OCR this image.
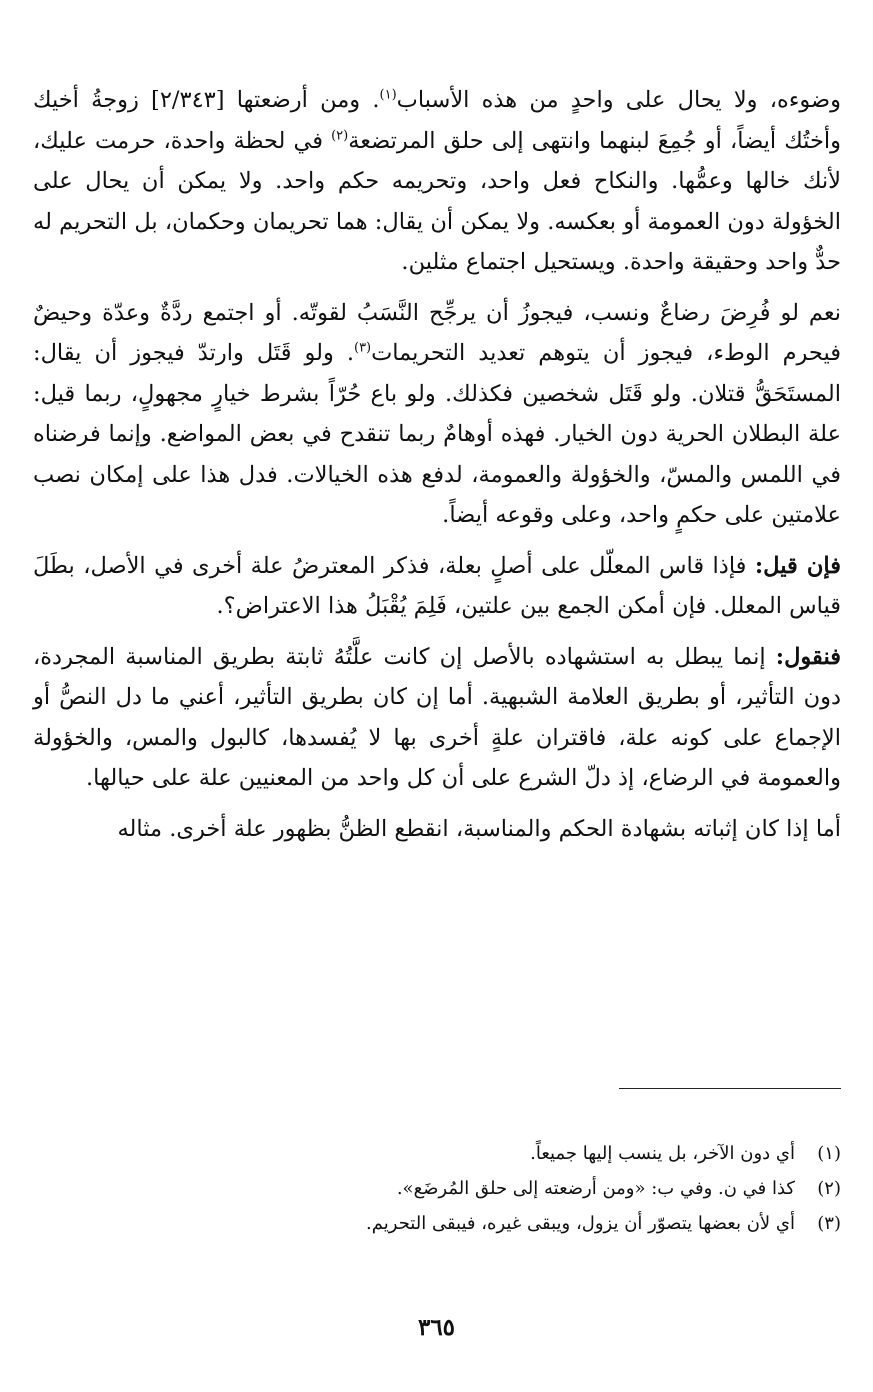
وضوءه، ولا يحال على واحدٍ من هذه الأسباب$^{(١)}$. ومن أرضعتها [٢/٣٤٣] زوجةُ أخيك وأختُك أيضاً، أو جُمِعَ لبنهما وانتهى إلى حلق المرتضعة$^{(٢)}$ في لحظة واحدة، حرمت عليك، لأنك خالها وعمُّها. والنكاح فعل واحد، وتحريمه حكم واحد. ولا يمكن أن يحال على الخؤولة دون العمومة أو بعكسه. ولا يمكن أن يقال: هما تحريمان وحكمان، بل التحريم له حدٌّ واحد وحقيقة واحدة. ويستحيل اجتماع مثلين.

نعم لو فُرِضَ رضاعٌ ونسب، فيجوزُ أن يرجِّح النَّسَبُ لقوتّه. أو اجتمع ردَّةٌ وعدّة وحيضٌ فيحرم الوطء، فيجوز أن يتوهم تعديد التحريمات$^{(٣)}$. ولو قَتَل وارتدّ فيجوز أن يقال: المستَحَقُّ قتلان. ولو قَتَل شخصين فكذلك. ولو باع حُرّاً بشرط خيارٍ مجهولٍ، ربما قيل: علة البطلان الحرية دون الخيار. فهذه أوهامٌ ربما تنقدح في بعض المواضع. وإنما فرضناه في اللمس والمسّ، والخؤولة والعمومة، لدفع هذه الخيالات. فدل هذا على إمكان نصب علامتين على حكمٍ واحد، وعلى وقوعه أيضاً.

فإن قيل: فإذا قاس المعلّل على أصلٍ بعلة، فذكر المعترضُ علة أخرى في الأصل، بطَلَ قياس المعلل. فإن أمكن الجمع بين علتين، فَلِمَ يُقْبَلُ هذا الاعتراض؟.

فنقول: إنما يبطل به استشهاده بالأصل إن كانت علَّتُهُ ثابتة بطريق المناسبة المجردة، دون التأثير، أو بطريق العلامة الشبهية. أما إن كان بطريق التأثير، أعني ما دل النصُّ أو الإجماع على كونه علة، فاقتران علةٍ أخرى بها لا يُفسدها، كالبول والمس، والخؤولة والعمومة في الرضاع، إذ دلّ الشرع على أن كل واحد من المعنيين علة على حيالها.

أما إذا كان إثباته بشهادة الحكم والمناسبة، انقطع الظنُّ بظهور علة أخرى. مثاله

(١)أي دون الآخر، بل ينسب إليها جميعاً.

(٢)كذا في ن. وفي ب: «ومن أرضعته إلى حلق المُرضَع».

(٣)أي لأن بعضها يتصوّر أن يزول، ويبقى غيره، فيبقى التحريم.

٣٦٥
